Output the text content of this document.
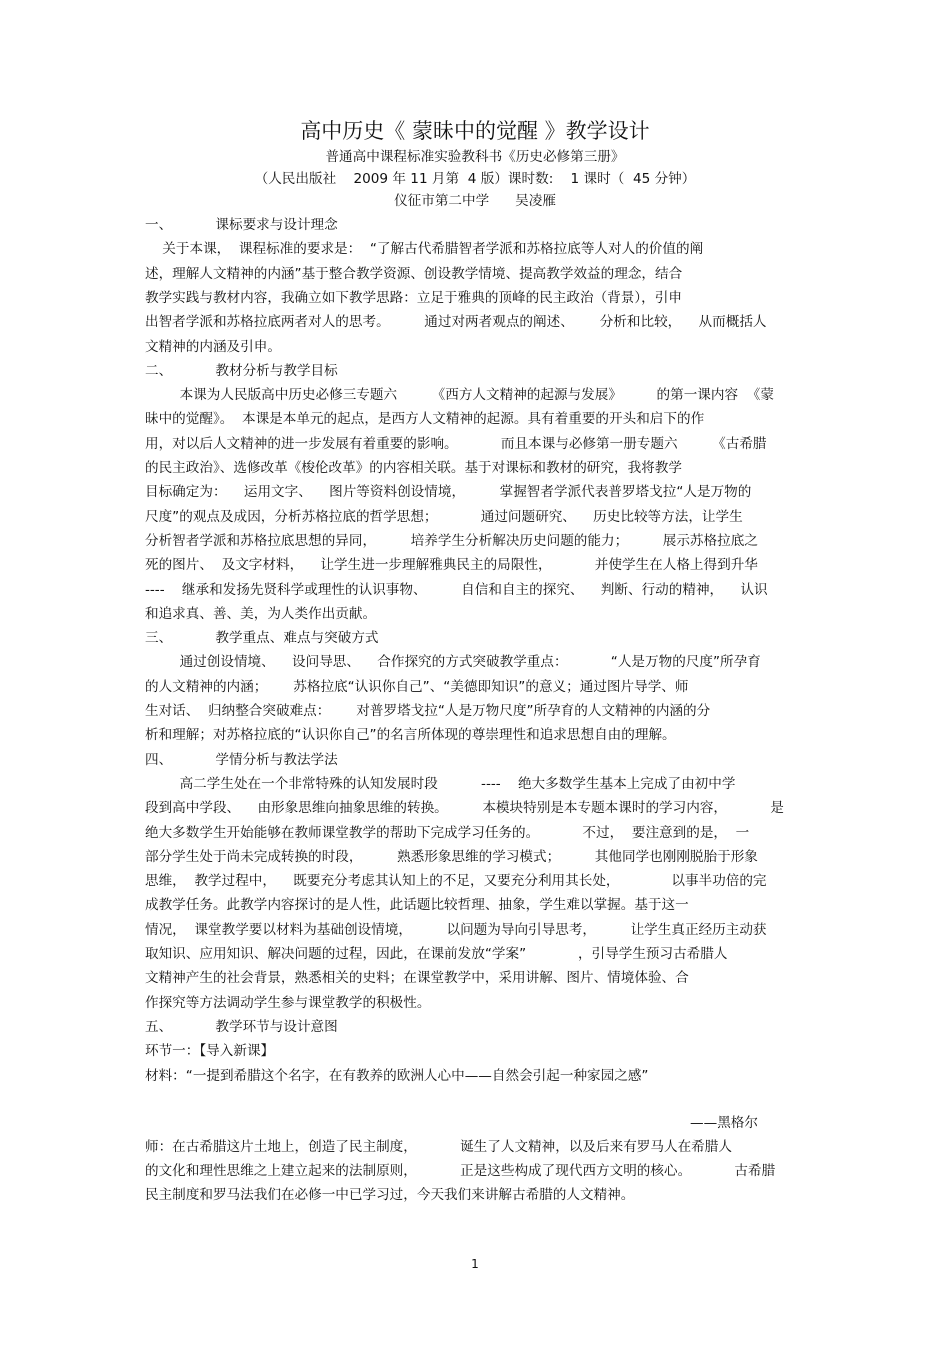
高中历史《 蒙昧中的觉醒 》教学设计
普通高中课程标准实验教科书《历史必修第三册》
（人民出版社    2009 年 11 月第  4 版）课时数:    1 课时（  45 分钟）
仪征市第二中学      吴凌雁
一、          课标要求与设计理念
关于本课，  课程标准的要求是：  “了解古代希腊智者学派和苏格拉底等人对人的价值的阐
述，理解人文精神的内涵”基于整合教学资源、创设教学情境、提高教学效益的理念，结合
教学实践与教材内容，我确立如下教学思路：立足于雅典的顶峰的民主政治（背景），引申
出智者学派和苏格拉底两者对人的思考。        通过对两者观点的阐述、      分析和比较，    从而概括人
文精神的内涵及引申。
二、          教材分析与教学目标
本课为人民版高中历史必修三专题六        《西方人文精神的起源与发展》        的第一课内容  《蒙
昧中的觉醒》。  本课是本单元的起点，是西方人文精神的起源。具有着重要的开头和启下的作
用，对以后人文精神的进一步发展有着重要的影响。          而且本课与必修第一册专题六        《古希腊
的民主政治》、选修改革《梭伦改革》的内容相关联。基于对课标和教材的研究，我将教学
目标确定为：    运用文字、    图片等资料创设情境，        掌握智者学派代表普罗塔戈拉“人是万物的
尺度”的观点及成因，分析苏格拉底的哲学思想；          通过问题研究、    历史比较等方法，让学生
分析智者学派和苏格拉底思想的异同，        培养学生分析解决历史问题的能力；        展示苏格拉底之
死的图片、  及文字材料，    让学生进一步理解雅典民主的局限性，          并使学生在人格上得到升华
----    继承和发扬先贤科学或理性的认识事物、        自信和自主的探究、    判断、行动的精神，    认识
和追求真、善、美，为人类作出贡献。
三、          教学重点、难点与突破方式
通过创设情境、    设问导思、    合作探究的方式突破教学重点：          “人是万物的尺度”所孕育
的人文精神的内涵；      苏格拉底“认识你自己”、“美德即知识”的意义；通过图片导学、师
生对话、  归纳整合突破难点：      对普罗塔戈拉“人是万物尺度”所孕育的人文精神的内涵的分
析和理解；对苏格拉底的“认识你自己”的名言所体现的尊崇理性和追求思想自由的理解。
四、          学情分析与教法学法
高二学生处在一个非常特殊的认知发展时段          ----    绝大多数学生基本上完成了由初中学
段到高中学段、    由形象思维向抽象思维的转换。        本模块特别是本专题本课时的学习内容，          是
绝大多数学生开始能够在教师课堂教学的帮助下完成学习任务的。          不过，  要注意到的是，  一
部分学生处于尚未完成转换的时段，        熟悉形象思维的学习模式；        其他同学也刚刚脱胎于形象
思维，  教学过程中，    既要充分考虑其认知上的不足，又要充分利用其长处，            以事半功倍的完
成教学任务。此教学内容探讨的是人性，此话题比较哲理、抽象，学生难以掌握。基于这一
情况，  课堂教学要以材料为基础创设情境，        以问题为导向引导思考，        让学生真正经历主动获
取知识、应用知识、解决问题的过程，因此，在课前发放“学案”            ，引导学生预习古希腊人
文精神产生的社会背景，熟悉相关的史料；在课堂教学中，采用讲解、图片、情境体验、合
作探究等方法调动学生参与课堂教学的积极性。
五、          教学环节与设计意图
环节一：【导入新课】
材料：“一提到希腊这个名字，在有教养的欧洲人心中——自然会引起一种家园之感”
——黑格尔
师：在古希腊这片土地上，创造了民主制度，          诞生了人文精神，以及后来有罗马人在希腊人
的文化和理性思维之上建立起来的法制原则，          正是这些构成了现代西方文明的核心。          古希腊
民主制度和罗马法我们在必修一中已学习过，今天我们来讲解古希腊的人文精神。
1
